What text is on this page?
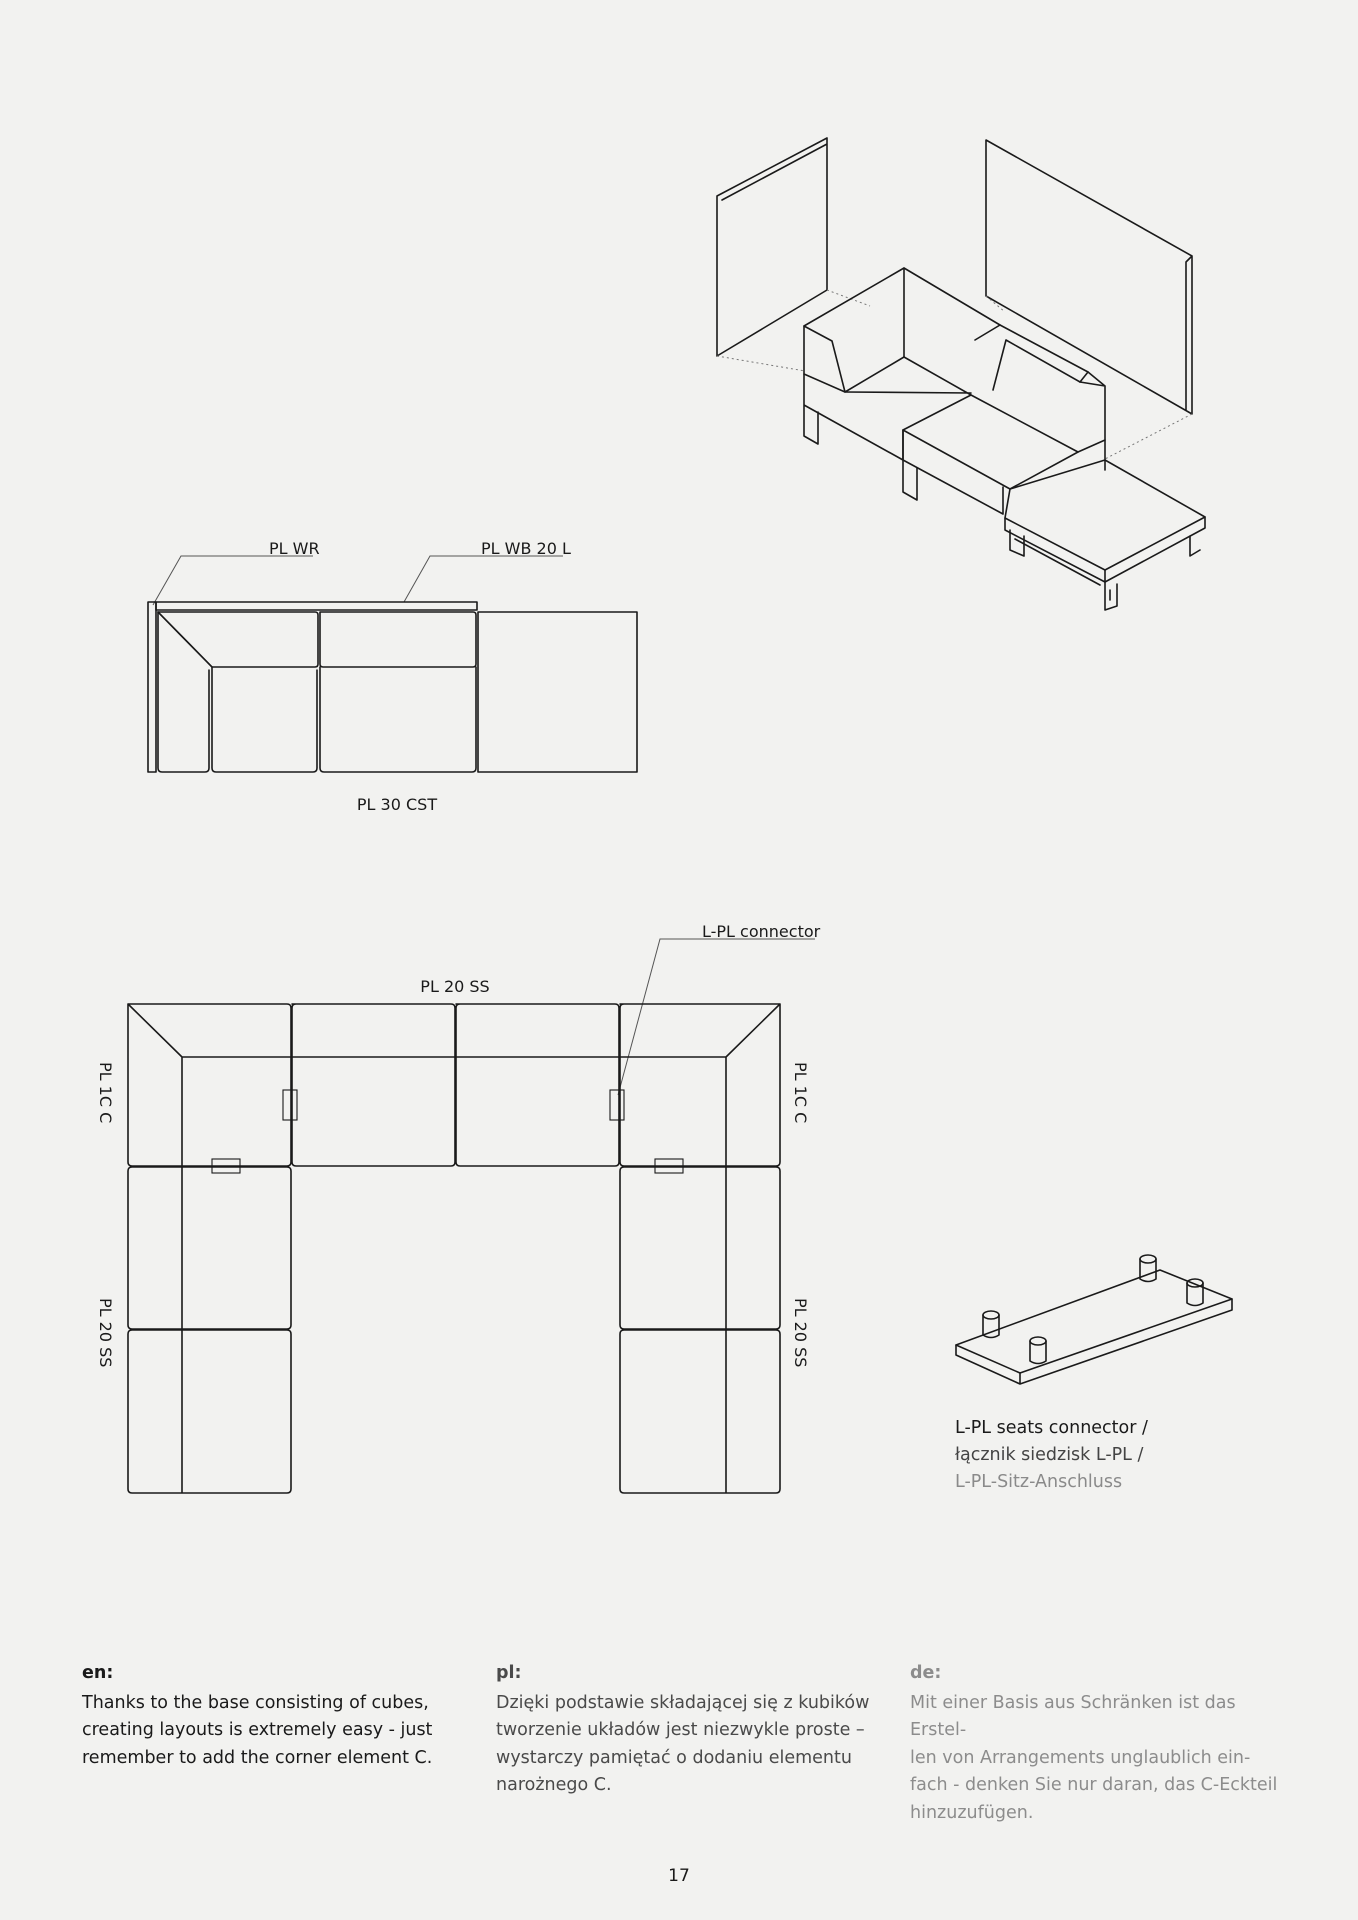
PL WR	PL WB 20 L
PL 30 CST
L-PL connector
PL 20 SS
PL 1C C	PL 1C C
PL 20 SS	PL 20 SS
L-PL seats connector /
łącznik siedzisk L-PL /
L-PL-Sitz-Anschluss
en:

Thanks to the base consisting of cubes,

creating layouts is extremely easy - just

remember to add the corner element C.

pl:

Dzięki podstawie składającej się z kubików

tworzenie układów jest niezwykle proste –

wystarczy pamiętać o dodaniu elementu

narożnego C.

de:

Mit einer Basis aus Schränken ist das Erstel-

len von Arrangements unglaublich ein-

fach - denken Sie nur daran, das C-Eckteil

hinzuzufügen.

17
